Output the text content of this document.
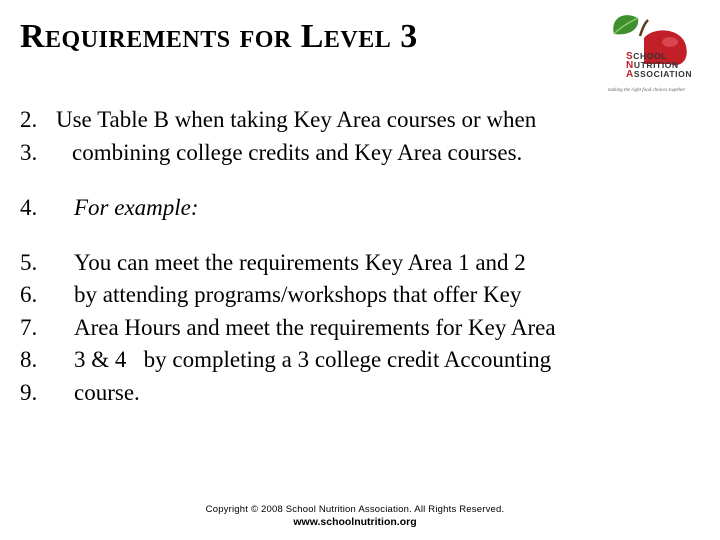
Requirements for Level 3
SCHOOL
NUTRITION
ASSOCIATION
making the right food choices together
2. Use Table B when taking Key Area courses or when
3.	combining college credits and Key Area courses.
4.	For example:
5.	You can meet the requirements Key Area 1 and 2
6.	by attending programs/workshops that offer Key
7.	Area Hours and meet the requirements for Key Area
8.	3 & 4   by completing a 3 college credit Accounting
9.	course.
Copyright © 2008 School Nutrition Association. All Rights Reserved.
www.schoolnutrition.org
